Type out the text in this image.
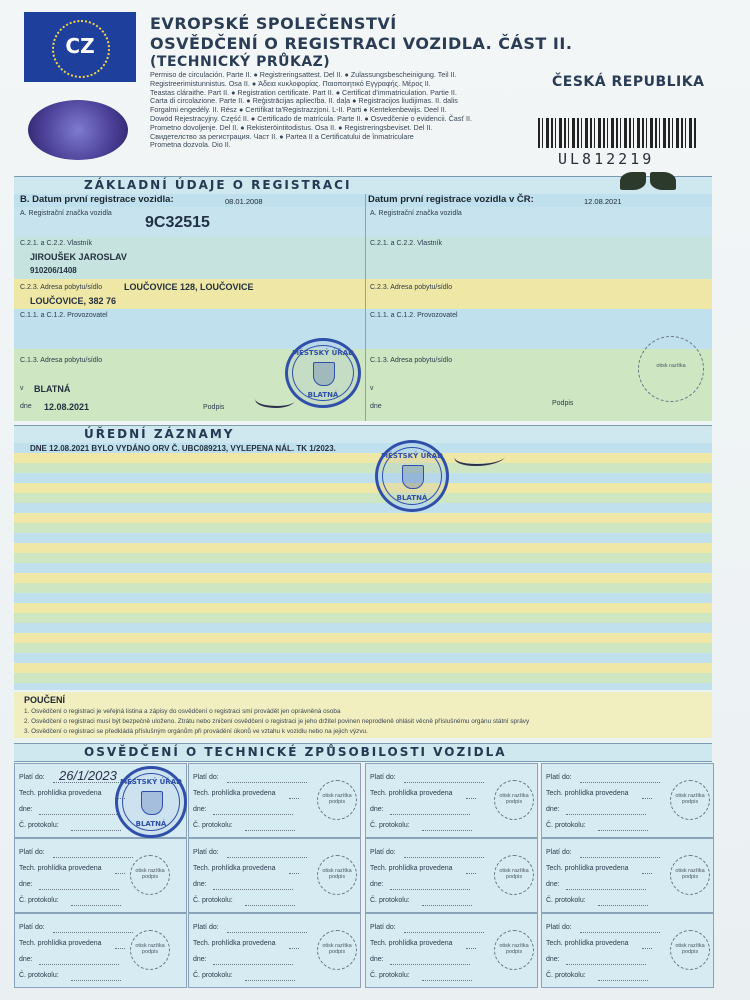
CZ
EVROPSKÉ SPOLEČENSTVÍ
OSVĚDČENÍ O REGISTRACI VOZIDLA. ČÁST II.
(TECHNICKÝ PRŮKAZ)
Permiso de circulación. Parte II. ● Registreringsattest. Del II. ● Zulassungsbescheinigung. Teil II.
Registreerimistunnistus. Osa II. ● Άδεια κυκλοφορίας. Παιοποιητικό Εγγραφής. Μέρος II.
Teastas cláraithe. Part II. ● Registration certificate. Part II. ● Certificat d'immatriculation. Partie II.
Carta di circolazione. Parte II. ● Reģistrācijas apliecība. II. daļa ● Registracijos liudijimas. II. dalis
Forgalmi engedély. II. Rész ● Certifikat ta'Registrazzjoni. L-II. Parti ● Kentekenbewijs. Deel II.
Dowód Rejestracyjny. Część II. ● Certificado de matrícula. Parte II. ● Osvedčenie o evidencii. Časť II.
Prometno dovoljenje. Del II. ● Rekisteröintitodistus. Osa II. ● Registreringsbeviset. Del II.
Свидетелство за регистрация. Част II. ● Partea II a Certificatului de înmatriculare
Prometna dozvola. Dio II.
ČESKÁ REPUBLIKA
UL812219
ZÁKLADNÍ ÚDAJE O REGISTRACI
B. Datum první registrace vozidla:	08.01.2008	Datum první registrace vozidla v ČR:	12.08.2021
A. Registrační značka vozidla
9C32515
A. Registrační značka vozidla
C.2.1. a C.2.2. Vlastník
JIROUŠEK JAROSLAV
910206/1408
C.2.1. a C.2.2. Vlastník
C.2.3. Adresa pobytu/sídlo LOUČOVICE 128, LOUČOVICE
LOUČOVICE, 382 76
C.2.3. Adresa pobytu/sídlo
C.1.1. a C.1.2. Provozovatel	C.1.1. a C.1.2. Provozovatel
C.1.3. Adresa pobytu/sídlo	C.1.3. Adresa pobytu/sídlo
v BLATNÁ
dne 12.08.2021	Podpis
v
dne	Podpis
otisk razítka
MĚSTSKÝ ÚŘAD
BLATNÁ
ÚŘEDNÍ ZÁZNAMY
DNE 12.08.2021 BYLO VYDÁNO ORV Č. UBC089213, VYLEPENA NÁL. TK 1/2023.
MĚSTSKÝ ÚŘAD
BLATNÁ
POUČENÍ
1. Osvědčení o registraci je veřejná listina a zápisy do osvědčení o registraci smí provádět jen oprávněná osoba
2. Osvědčení o registraci musí být bezpečně uloženo. Ztrátu nebo zničení osvědčení o registraci je jeho držitel povinen neprodleně ohlásit věcně příslušnému orgánu státní správy
3. Osvědčení o registraci se předkládá příslušným orgánům při provádění úkonů ve vztahu k vozidlu nebo na jejich výzvu.
OSVĚDČENÍ O TECHNICKÉ ZPŮSOBILOSTI VOZIDLA
Platí do:
Tech. prohlídka provedena
dne:
Č. protokolu:
26/1/2023 MĚSTSKÝ ÚŘAD
BLATNÁ
Platí do:
Tech. prohlídka provedena
dne:
Č. protokolu:
otisk razítka podpis
Platí do:
Tech. prohlídka provedena
dne:
Č. protokolu:
otisk razítka podpis
Platí do:
Tech. prohlídka provedena
dne:
Č. protokolu:
otisk razítka podpis
Platí do:
Tech. prohlídka provedena
dne:
Č. protokolu:
otisk razítka podpis
Platí do:
Tech. prohlídka provedena
dne:
Č. protokolu:
otisk razítka podpis
Platí do:
Tech. prohlídka provedena
dne:
Č. protokolu:
otisk razítka podpis
Platí do:
Tech. prohlídka provedena
dne:
Č. protokolu:
otisk razítka podpis
Platí do:
Tech. prohlídka provedena
dne:
Č. protokolu:
otisk razítka podpis
Platí do:
Tech. prohlídka provedena
dne:
Č. protokolu:
otisk razítka podpis
Platí do:
Tech. prohlídka provedena
dne:
Č. protokolu:
otisk razítka podpis
Platí do:
Tech. prohlídka provedena
dne:
Č. protokolu:
otisk razítka podpis
